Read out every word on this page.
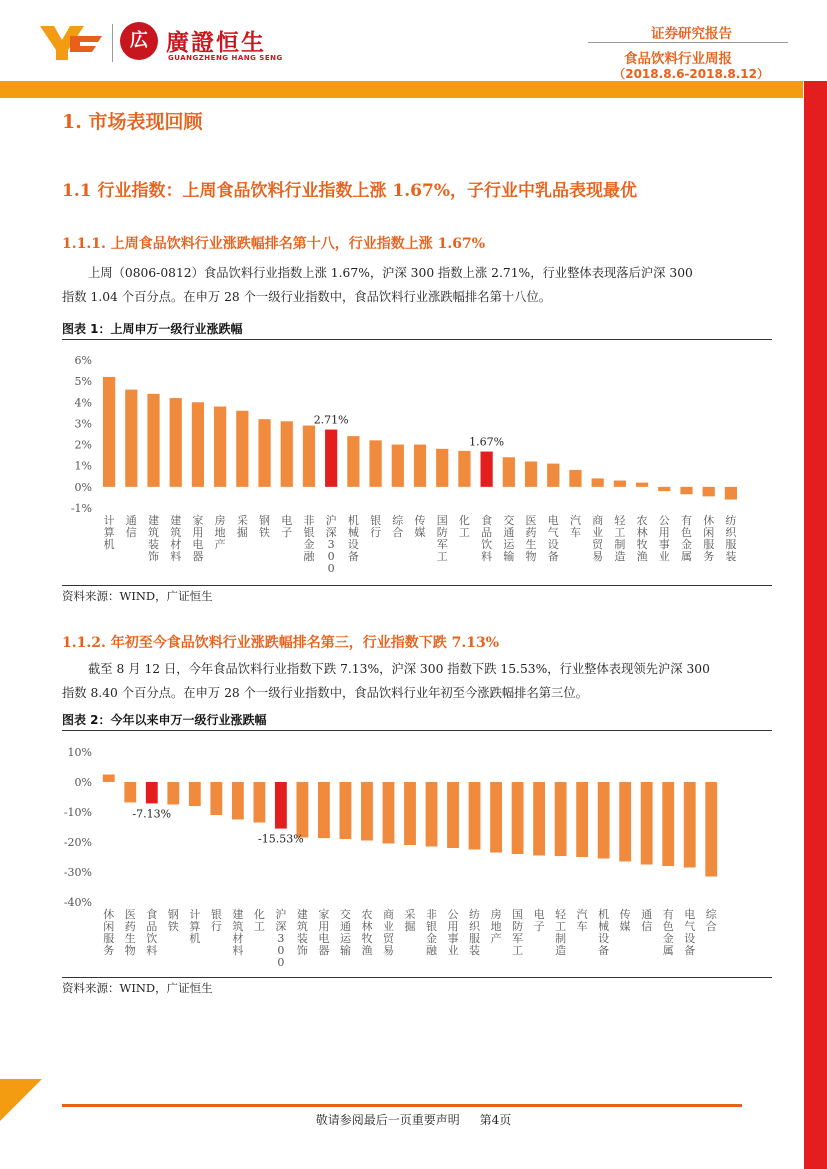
広 廣證恒生
GUANGZHENG HANG SENG
证券研究报告
食品饮料行业周报
（2018.8.6-2018.8.12）
1. 市场表现回顾
1.1 行业指数：上周食品饮料行业指数上涨 1.67%，子行业中乳品表现最优
1.1.1. 上周食品饮料行业涨跌幅排名第十八，行业指数上涨 1.67%
上周（0806-0812）食品饮料行业指数上涨 1.67%，沪深 300 指数上涨 2.71%，行业整体表现落后沪深 300
指数 1.04 个百分点。在申万 28 个一级行业指数中，食品饮料行业涨跌幅排名第十八位。
图表 1：上周申万一级行业涨跌幅
-1%
0%
1%
2%
3%
4%
5%
6%
计算机
通信
建筑装饰
建筑材料
家用电器
房地产
采掘
钢铁
电子
非银金融
沪深 3 0 0
机械设备
银行
综合
传媒
国防军工
化工
食品饮料
交通运输
医药生物
电气设备
汽车
商业贸易
轻工制造
农林牧渔
公用事业
有色金属
休闲服务
纺织服装
2.71%
1.67%
资料来源：WIND，广证恒生
1.1.2. 年初至今食品饮料行业涨跌幅排名第三，行业指数下跌 7.13%
截至 8 月 12 日，今年食品饮料行业指数下跌 7.13%，沪深 300 指数下跌 15.53%，行业整体表现领先沪深 300
指数 8.40 个百分点。在申万 28 个一级行业指数中，食品饮料行业年初至今涨跌幅排名第三位。
图表 2：今年以来申万一级行业涨跌幅
-40%
-30%
-20%
-10%
0%
10%
休闲服务
医药生物
食品饮料
钢铁
计算机
银行
建筑材料
化工
沪深 3 0 0
建筑装饰
家用电器
交通运输
农林牧渔
商业贸易
采掘
非银金融
公用事业
纺织服装
房地产
国防军工
电子
轻工制造
汽车
机械设备
传媒
通信
有色金属
电气设备
综合
-7.13%
-15.53%
资料来源：WIND，广证恒生
敬请参阅最后一页重要声明 第4页
